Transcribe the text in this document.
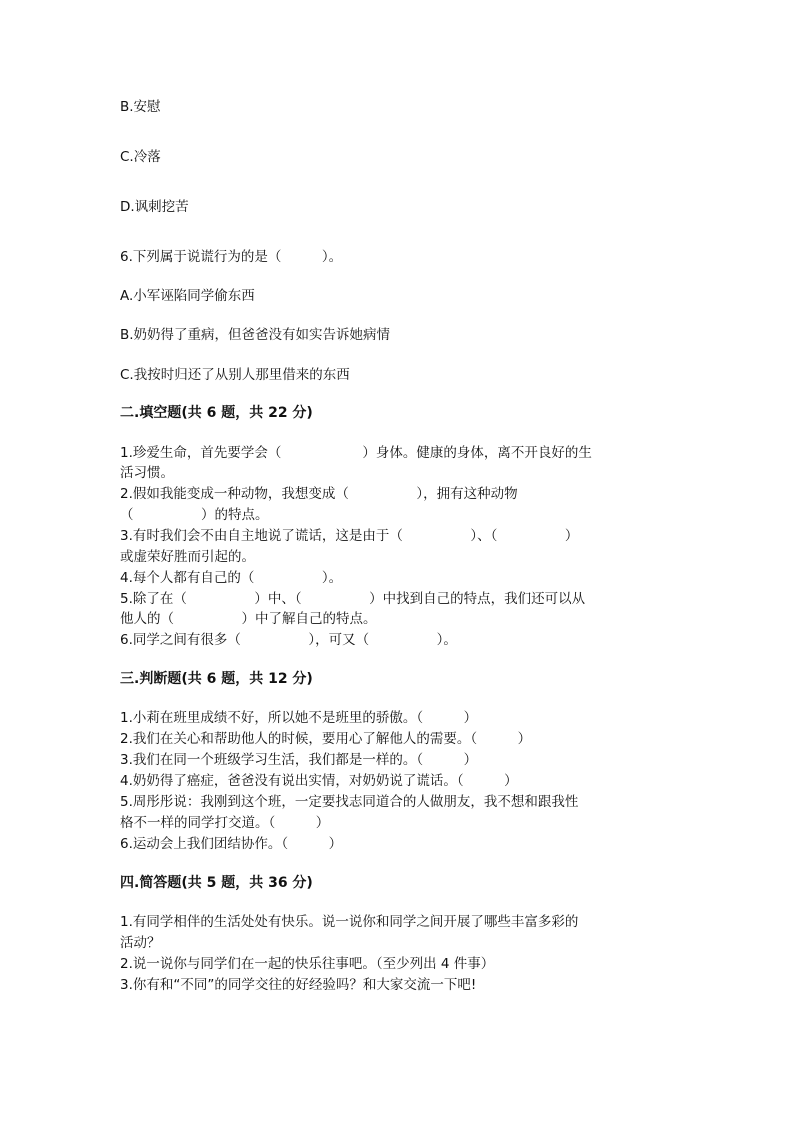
B.安慰
C.冷落
D.讽刺挖苦
6.下列属于说谎行为的是（　　　）。
A.小军诬陷同学偷东西
B.奶奶得了重病，但爸爸没有如实告诉她病情
C.我按时归还了从别人那里借来的东西
二.填空题(共 6 题，共 22 分)
1.珍爱生命，首先要学会（　　　　　　）身体。健康的身体，离不开良好的生
活习惯。
2.假如我能变成一种动物，我想变成（　　　　　），拥有这种动物
（　　　　　）的特点。
3.有时我们会不由自主地说了谎话，这是由于（　　　　　）、（　　　　　）
或虚荣好胜而引起的。
4.每个人都有自己的（　　　　　）。
5.除了在（　　　　　）中、（　　　　　）中找到自己的特点，我们还可以从
他人的（　　　　　）中了解自己的特点。
6.同学之间有很多（　　　　　），可又（　　　　　）。
三.判断题(共 6 题，共 12 分)
1.小莉在班里成绩不好，所以她不是班里的骄傲。（　　　）
2.我们在关心和帮助他人的时候，要用心了解他人的需要。（　　　）
3.我们在同一个班级学习生活，我们都是一样的。（　　　）
4.奶奶得了癌症，爸爸没有说出实情，对奶奶说了谎话。（　　　）
5.周彤彤说：我刚到这个班，一定要找志同道合的人做朋友，我不想和跟我性
格不一样的同学打交道。（　　　）
6.运动会上我们团结协作。（　　　）
四.简答题(共 5 题，共 36 分)
1.有同学相伴的生活处处有快乐。说一说你和同学之间开展了哪些丰富多彩的
活动？
2.说一说你与同学们在一起的快乐往事吧。（至少列出 4 件事）
3.你有和“不同”的同学交往的好经验吗？和大家交流一下吧!
